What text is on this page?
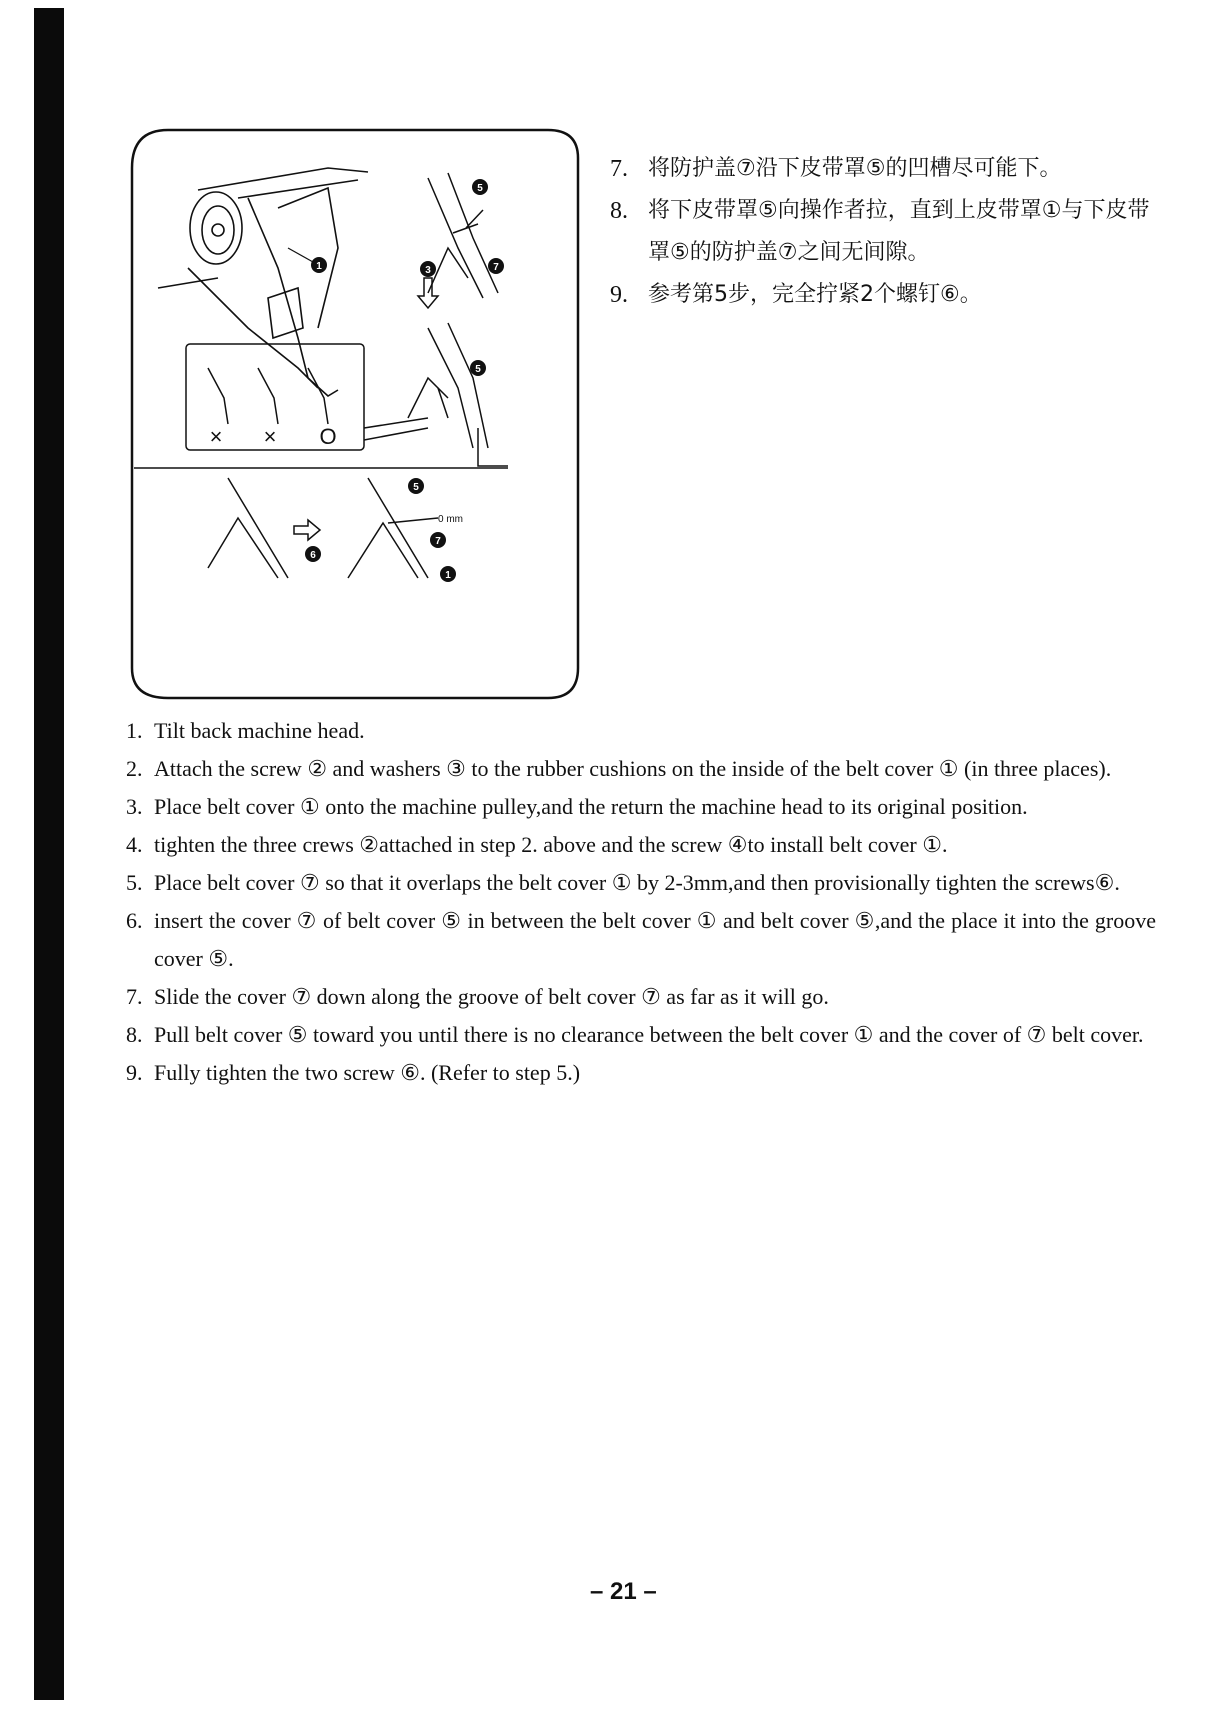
1
5
3	7
5
× × O
0 mm
6
5
7
1
7. 将防护盖⑦沿下皮带罩⑤的凹槽尽可能下。
8. 将下皮带罩⑤向操作者拉，直到上皮带罩①与下皮带罩⑤的防护盖⑦之间无间隙。
9. 参考第5步，完全拧紧2个螺钉⑥。
1. Tilt back machine head.
2. Attach the screw ② and washers ③ to the rubber cushions on the inside of the belt cover ① (in three places).
3. Place belt cover ① onto the machine pulley,and the return the machine head to its original position.
4. tighten the three crews ②attached in step 2. above and the screw ④to install belt cover ①.
5. Place belt cover ⑦ so that it overlaps the belt cover ① by 2-3mm,and then provisionally tighten the screws⑥.
6. insert the cover ⑦ of belt cover ⑤ in between the belt cover ① and belt cover ⑤,and the place it into the groove cover ⑤.
7. Slide the cover ⑦ down along the groove of belt cover ⑦ as far as it will go.
8. Pull belt cover ⑤ toward you until there is no clearance between the belt cover ① and the cover of ⑦ belt cover.
9. Fully tighten the two screw ⑥. (Refer to step 5.)
– 21 –
